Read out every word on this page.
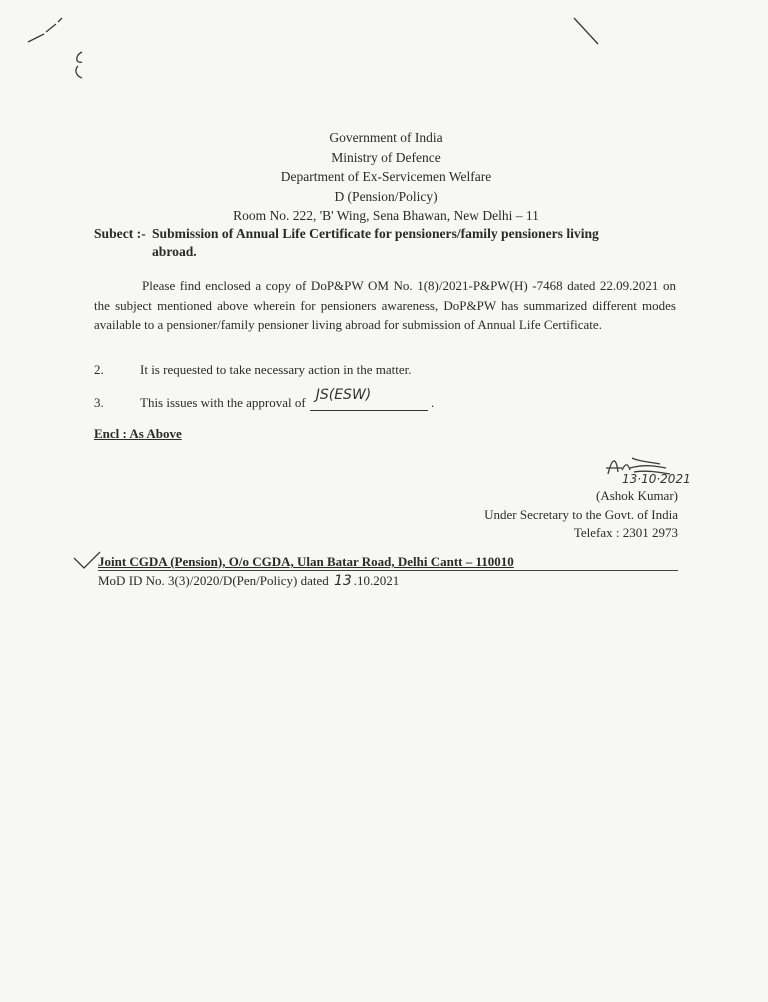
Government of India
Ministry of Defence
Department of Ex-Servicemen Welfare
D (Pension/Policy)
Room No. 222, 'B' Wing, Sena Bhawan, New Delhi – 11
Subect :- Submission of Annual Life Certificate for pensioners/family pensioners living
abroad.
Please find enclosed a copy of DoP&PW OM No. 1(8)/2021-P&PW(H) -7468 dated 22.09.2021 on the subject mentioned above wherein for pensioners awareness, DoP&PW has summarized different modes available to a pensioner/family pensioner living abroad for submission of Annual Life Certificate.
2.	It is requested to take necessary action in the matter.
3.	This issues with the approval of JS(ESW)	.
Encl : As Above
13·10·2021
(Ashok Kumar)
Under Secretary to the Govt. of India
Telefax : 2301 2973
Joint CGDA (Pension), O/o CGDA, Ulan Batar Road, Delhi Cantt – 110010
MoD ID No. 3(3)/2020/D(Pen/Policy) dated 13 .10.2021
